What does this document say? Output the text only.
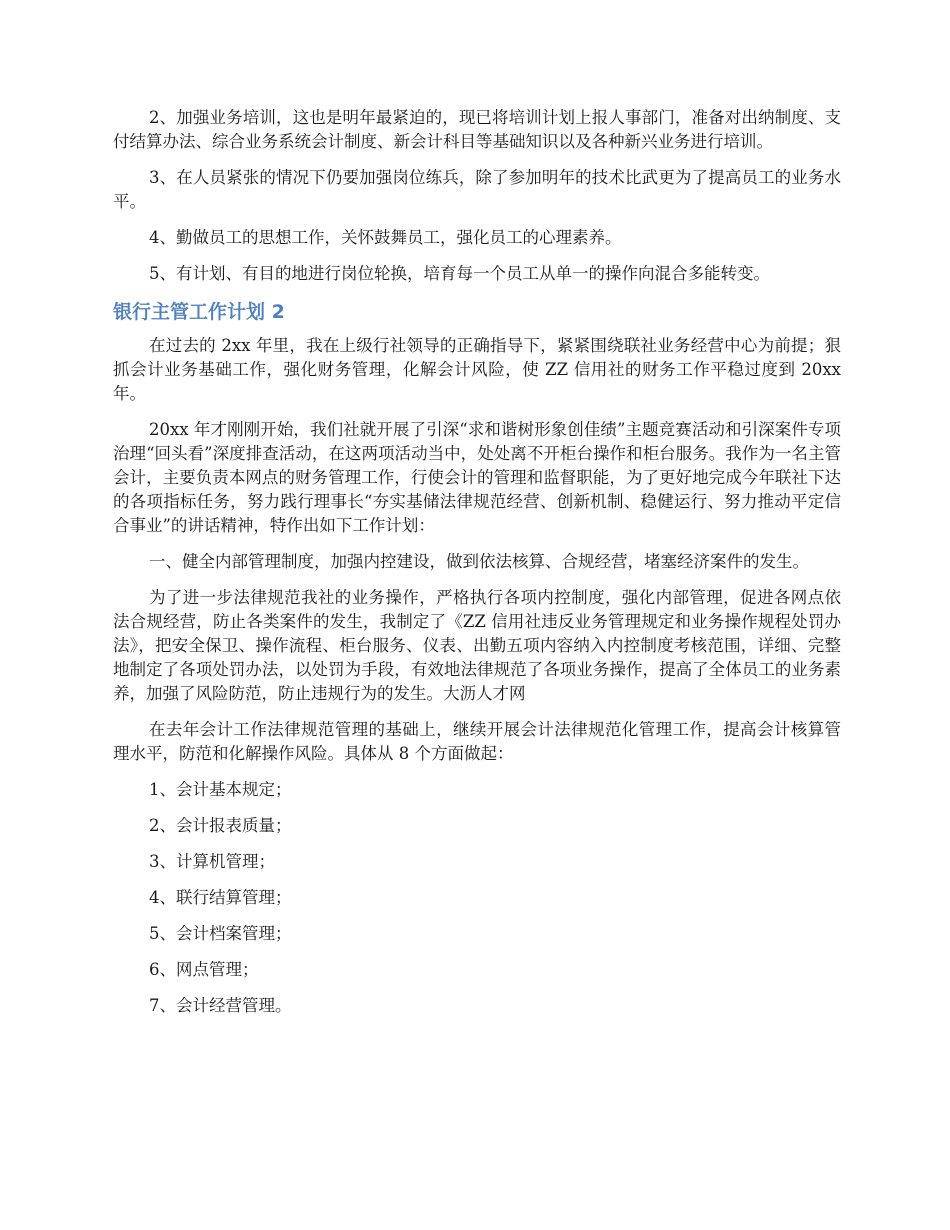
2、加强业务培训，这也是明年最紧迫的，现已将培训计划上报人事部门，准备对出纳制度、支付结算办法、综合业务系统会计制度、新会计科目等基础知识以及各种新兴业务进行培训。

3、在人员紧张的情况下仍要加强岗位练兵，除了参加明年的技术比武更为了提高员工的业务水平。

4、勤做员工的思想工作，关怀鼓舞员工，强化员工的心理素养。

5、有计划、有目的地进行岗位轮换，培育每一个员工从单一的操作向混合多能转变。

银行主管工作计划 2

在过去的 2xx 年里，我在上级行社领导的正确指导下，紧紧围绕联社业务经营中心为前提；狠抓会计业务基础工作，强化财务管理，化解会计风险，使 ZZ 信用社的财务工作平稳过度到 20xx 年。

20xx 年才刚刚开始，我们社就开展了引深“求和谐树形象创佳绩”主题竞赛活动和引深案件专项治理“回头看”深度排查活动，在这两项活动当中，处处离不开柜台操作和柜台服务。我作为一名主管会计，主要负责本网点的财务管理工作，行使会计的管理和监督职能，为了更好地完成今年联社下达的各项指标任务，努力践行理事长“夯实基储法律规范经营、创新机制、稳健运行、努力推动平定信合事业”的讲话精神，特作出如下工作计划：

一、健全内部管理制度，加强内控建设，做到依法核算、合规经营，堵塞经济案件的发生。

为了进一步法律规范我社的业务操作，严格执行各项内控制度，强化内部管理，促进各网点依法合规经营，防止各类案件的发生，我制定了《ZZ 信用社违反业务管理规定和业务操作规程处罚办法》，把安全保卫、操作流程、柜台服务、仪表、出勤五项内容纳入内控制度考核范围，详细、完整地制定了各项处罚办法，以处罚为手段，有效地法律规范了各项业务操作，提高了全体员工的业务素养，加强了风险防范，防止违规行为的发生。大沥人才网

在去年会计工作法律规范管理的基础上，继续开展会计法律规范化管理工作，提高会计核算管理水平，防范和化解操作风险。具体从 8 个方面做起：

1、会计基本规定；

2、会计报表质量；

3、计算机管理；

4、联行结算管理；

5、会计档案管理；

6、网点管理；

7、会计经营管理。
